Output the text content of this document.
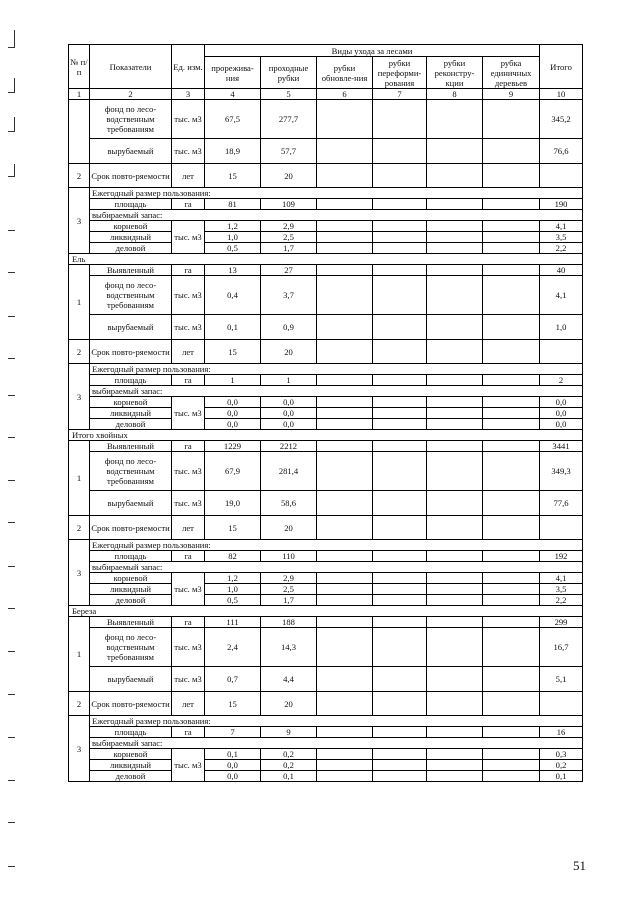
№ п/ п	Показатели	Ед. изм.	Виды ухода за лесами						Итого
			прорежива-ния	проходные рубки	рубки обновле-ния	рубки переформи-рования	рубки реконстру-кции	рубка единичных деревьев	
1	2	3	4	5	6	7	8	9	10
	фонд по лесо-водственным требованиям	тыс. м3	67,5	277,7					345,2
	вырубаемый	тыс. м3	18,9	57,7					76,6
2	Срок повто-ряемости	лет	15	20					
3	Ежегодный размер пользования:								
	площадь	га	81	109					190
	выбираемый запас:								
	корневой	тыс. м3	1,2	2,9					4,1
	ликвидный		1,0	2,5					3,5
	деловой		0,5	1,7					2,2
Ель									
1	Выявленный	га	13	27					40
	фонд по лесо-водственным требованиям	тыс. м3	0,4	3,7					4,1
	вырубаемый	тыс. м3	0,1	0,9					1,0
2	Срок повто-ряемости	лет	15	20					
3	Ежегодный размер пользования:								
	площадь	га	1	1					2
	выбираемый запас:								
	корневой	тыс. м3	0,0	0,0					0,0
	ликвидный		0,0	0,0					0,0
	деловой		0,0	0,0					0,0
Итого хвойных									
1	Выявленный	га	1229	2212					3441
	фонд по лесо-водственным требованиям	тыс. м3	67,9	281,4					349,3
	вырубаемый	тыс. м3	19,0	58,6					77,6
2	Срок повто-ряемости	лет	15	20					
3	Ежегодный размер пользования:								
	площадь	га	82	110					192
	выбираемый запас:								
	корневой	тыс. м3	1,2	2,9					4,1
	ликвидный		1,0	2,5					3,5
	деловой		0,5	1,7					2,2
Береза									
1	Выявленный	га	111	188					299
	фонд по лесо-водственным требованиям	тыс. м3	2,4	14,3					16,7
	вырубаемый	тыс. м3	0,7	4,4					5,1
2	Срок повто-ряемости	лет	15	20					
3	Ежегодный размер пользования:								
	площадь	га	7	9					16
	выбираемый запас:								
	корневой	тыс. м3	0,1	0,2					0,3
	ликвидный		0,0	0,2					0,2
	деловой		0,0	0,1					0,1
51
